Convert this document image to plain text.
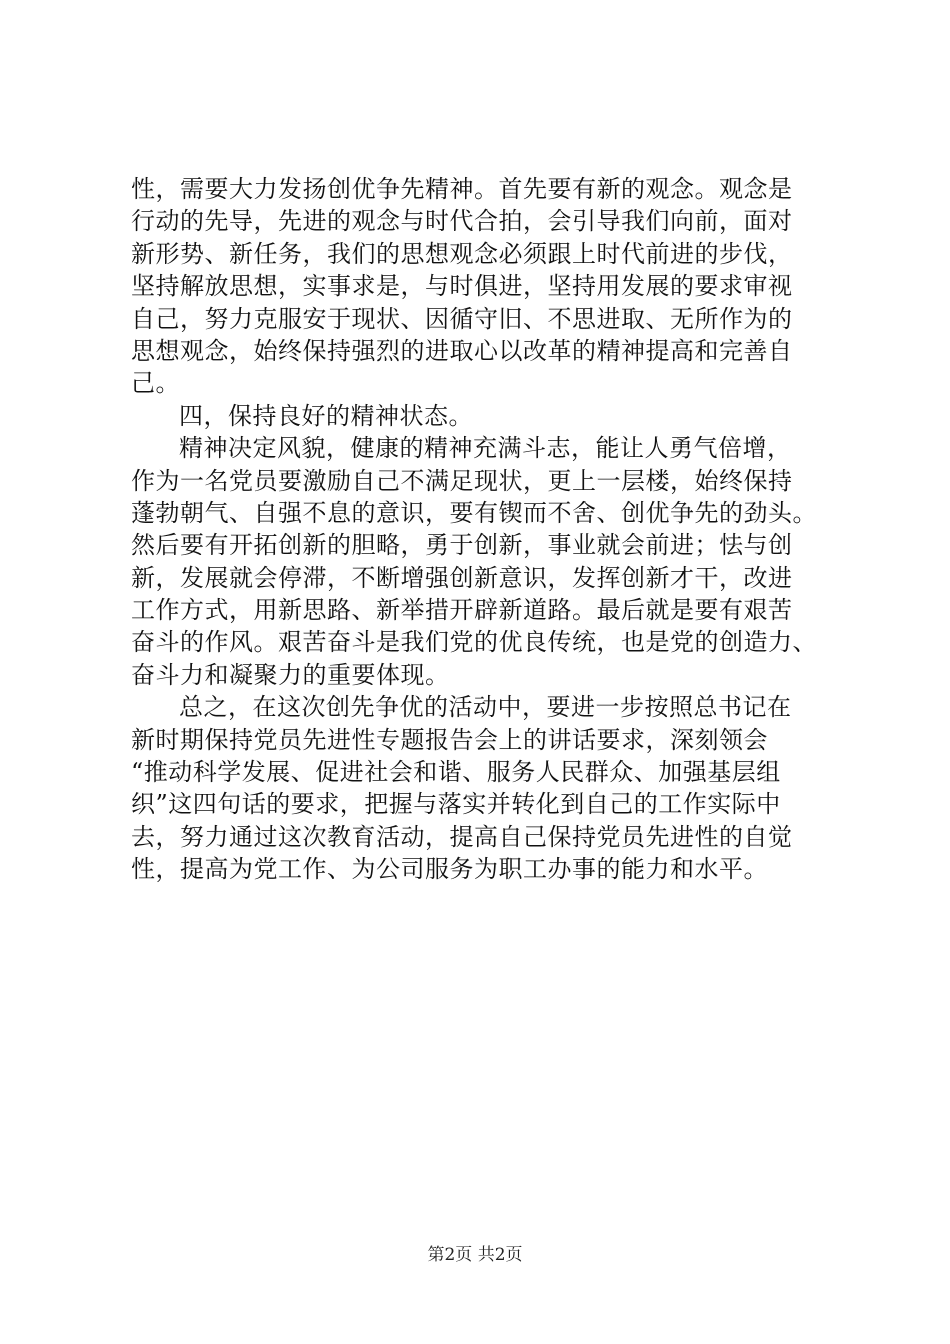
性，需要大力发扬创优争先精神。首先要有新的观念。观念是
行动的先导，先进的观念与时代合拍，会引导我们向前，面对
新形势、新任务，我们的思想观念必须跟上时代前进的步伐，
坚持解放思想，实事求是，与时俱进，坚持用发展的要求审视
自己，努力克服安于现状、因循守旧、不思进取、无所作为的
思想观念，始终保持强烈的进取心以改革的精神提高和完善自
己。
四，保持良好的精神状态。
精神决定风貌，健康的精神充满斗志，能让人勇气倍增，
作为一名党员要激励自己不满足现状，更上一层楼，始终保持
蓬勃朝气、自强不息的意识，要有锲而不舍、创优争先的劲头。
然后要有开拓创新的胆略，勇于创新，事业就会前进；怯与创
新，发展就会停滞，不断增强创新意识，发挥创新才干，改进
工作方式，用新思路、新举措开辟新道路。最后就是要有艰苦
奋斗的作风。艰苦奋斗是我们党的优良传统，也是党的创造力、
奋斗力和凝聚力的重要体现。
总之，在这次创先争优的活动中，要进一步按照总书记在
新时期保持党员先进性专题报告会上的讲话要求，深刻领会
“推动科学发展、促进社会和谐、服务人民群众、加强基层组
织”这四句话的要求，把握与落实并转化到自己的工作实际中
去，努力通过这次教育活动，提高自己保持党员先进性的自觉
性，提高为党工作、为公司服务为职工办事的能力和水平。
第2页 共2页
